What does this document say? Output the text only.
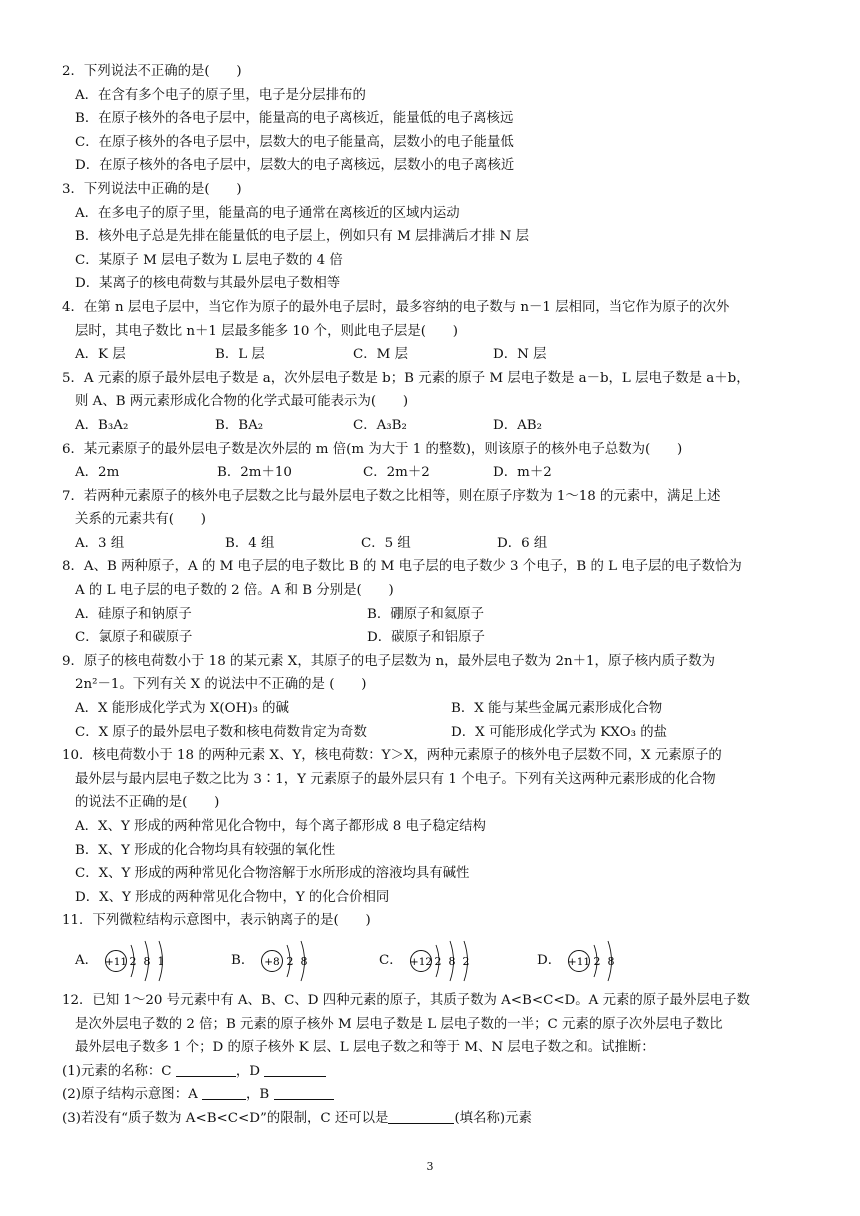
2．下列说法不正确的是(　　)
A．在含有多个电子的原子里，电子是分层排布的
B．在原子核外的各电子层中，能量高的电子离核近，能量低的电子离核远
C．在原子核外的各电子层中，层数大的电子能量高，层数小的电子能量低
D．在原子核外的各电子层中，层数大的电子离核远，层数小的电子离核近
3．下列说法中正确的是(　　)
A．在多电子的原子里，能量高的电子通常在离核近的区域内运动
B．核外电子总是先排在能量低的电子层上，例如只有 M 层排满后才排 N 层
C．某原子 M 层电子数为 L 层电子数的 4 倍
D．某离子的核电荷数与其最外层电子数相等
4．在第 n 层电子层中，当它作为原子的最外电子层时，最多容纳的电子数与 n－1 层相同，当它作为原子的次外
层时，其电子数比 n＋1 层最多能多 10 个，则此电子层是(　　)
A．K 层	B．L 层	C．M 层	D．N 层
5．A 元素的原子最外层电子数是 a，次外层电子数是 b；B 元素的原子 M 层电子数是 a－b，L 层电子数是 a＋b，
则 A、B 两元素形成化合物的化学式最可能表示为(　　)
A．B₃A₂	B．BA₂	C．A₃B₂	D．AB₂
6．某元素原子的最外层电子数是次外层的 m 倍(m 为大于 1 的整数)，则该原子的核外电子总数为(　　)
A．2m	B．2m＋10	C．2m＋2	D．m＋2
7．若两种元素原子的核外电子层数之比与最外层电子数之比相等，则在原子序数为 1～18 的元素中，满足上述
关系的元素共有(　　)
A．3 组	B．4 组	C．5 组	D．6 组
8．A、B 两种原子，A 的 M 电子层的电子数比 B 的 M 电子层的电子数少 3 个电子，B 的 L 电子层的电子数恰为
A 的 L 电子层的电子数的 2 倍。A 和 B 分别是(　　)
A．硅原子和钠原子	B．硼原子和氦原子
C．氯原子和碳原子	D．碳原子和铝原子
9．原子的核电荷数小于 18 的某元素 X，其原子的电子层数为 n，最外层电子数为 2n＋1，原子核内质子数为
2n²－1。下列有关 X 的说法中不正确的是 (　　)
A．X 能形成化学式为 X(OH)₃ 的碱	B．X 能与某些金属元素形成化合物
C．X 原子的最外层电子数和核电荷数肯定为奇数	D．X 可能形成化学式为 KXO₃ 的盐
10．核电荷数小于 18 的两种元素 X、Y，核电荷数：Y＞X，两种元素原子的核外电子层数不同，X 元素原子的
最外层与最内层电子数之比为 3∶1，Y 元素原子的最外层只有 1 个电子。下列有关这两种元素形成的化合物
的说法不正确的是(　　)
A．X、Y 形成的两种常见化合物中，每个离子都形成 8 电子稳定结构
B．X、Y 形成的化合物均具有较强的氧化性
C．X、Y 形成的两种常见化合物溶解于水所形成的溶液均具有碱性
D．X、Y 形成的两种常见化合物中，Y 的化合价相同
11．下列微粒结构示意图中，表示钠离子的是(　　)
A． +11 2 8 1	B． +8 2 8	C． +12 2 8 2	D． +11 2 8
12．已知 1～20 号元素中有 A、B、C、D 四种元素的原子，其质子数为 A<B<C<D。A 元素的原子最外层电子数
是次外层电子数的 2 倍；B 元素的原子核外 M 层电子数是 L 层电子数的一半；C 元素的原子次外层电子数比
最外层电子数多 1 个；D 的原子核外 K 层、L 层电子数之和等于 M、N 层电子数之和。试推断：
(1)元素的名称：C	，D
(2)原子结构示意图：A	，B
(3)若没有“质子数为 A<B<C<D”的限制，C 还可以是	(填名称)元素
3
